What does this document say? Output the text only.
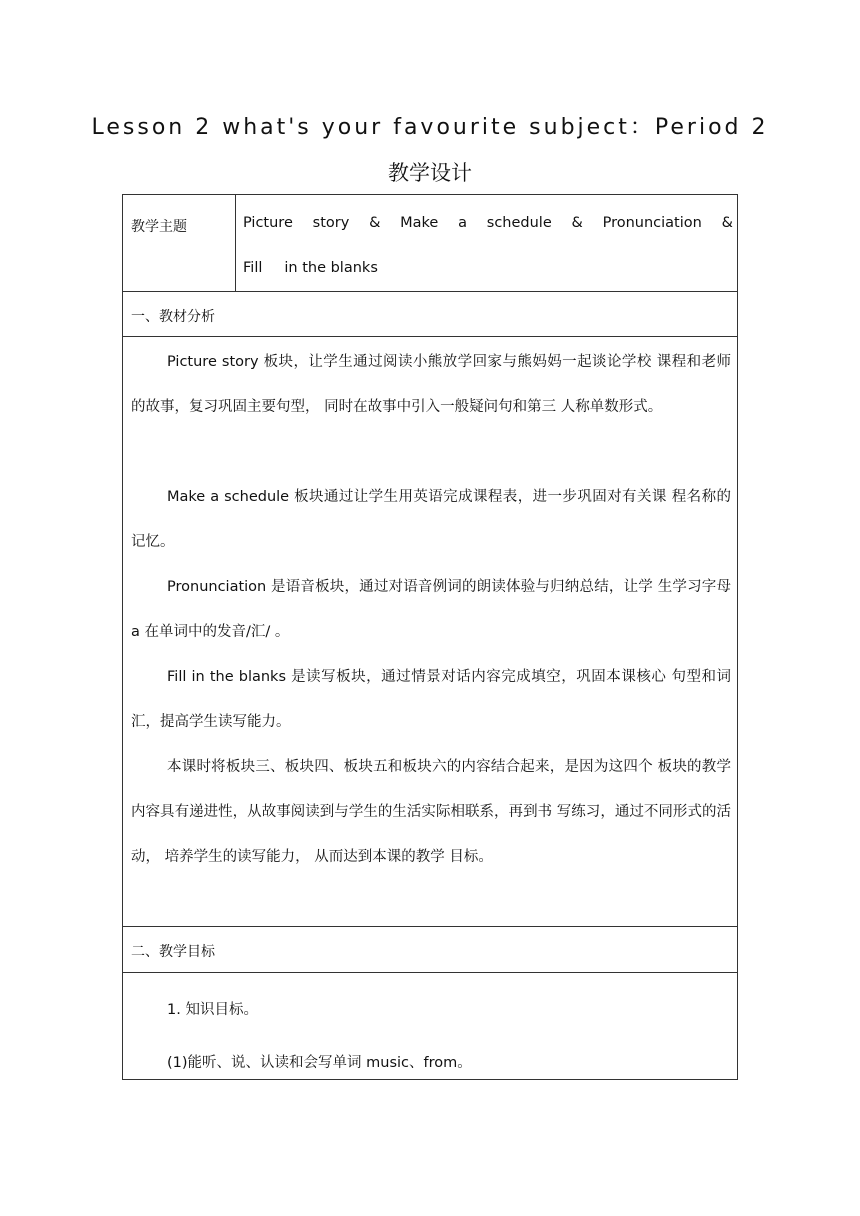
Lesson 2 what's your favourite subject：Period 2
教学设计
教学主题	Picture story & Make a schedule & Pronunciation &
Fill in the blanks
一、教材分析

Picture story 板块，让学生通过阅读小熊放学回家与熊妈妈一起谈论学校 课程和老师的故事，复习巩固主要句型， 同时在故事中引入一般疑问句和第三 人称单数形式。

Make a schedule 板块通过让学生用英语完成课程表，进一步巩固对有关课 程名称的记忆。

Pronunciation 是语音板块，通过对语音例词的朗读体验与归纳总结，让学 生学习字母 a 在单词中的发音/汇/ 。

Fill in the blanks 是读写板块，通过情景对话内容完成填空，巩固本课核心 句型和词汇，提高学生读写能力。

本课时将板块三、板块四、板块五和板块六的内容结合起来，是因为这四个 板块的教学内容具有递进性，从故事阅读到与学生的生活实际相联系，再到书 写练习，通过不同形式的活动， 培养学生的读写能力， 从而达到本课的教学 目标。

二、教学目标
1. 知识目标。
(1)能听、说、认读和会写单词 music、from。
